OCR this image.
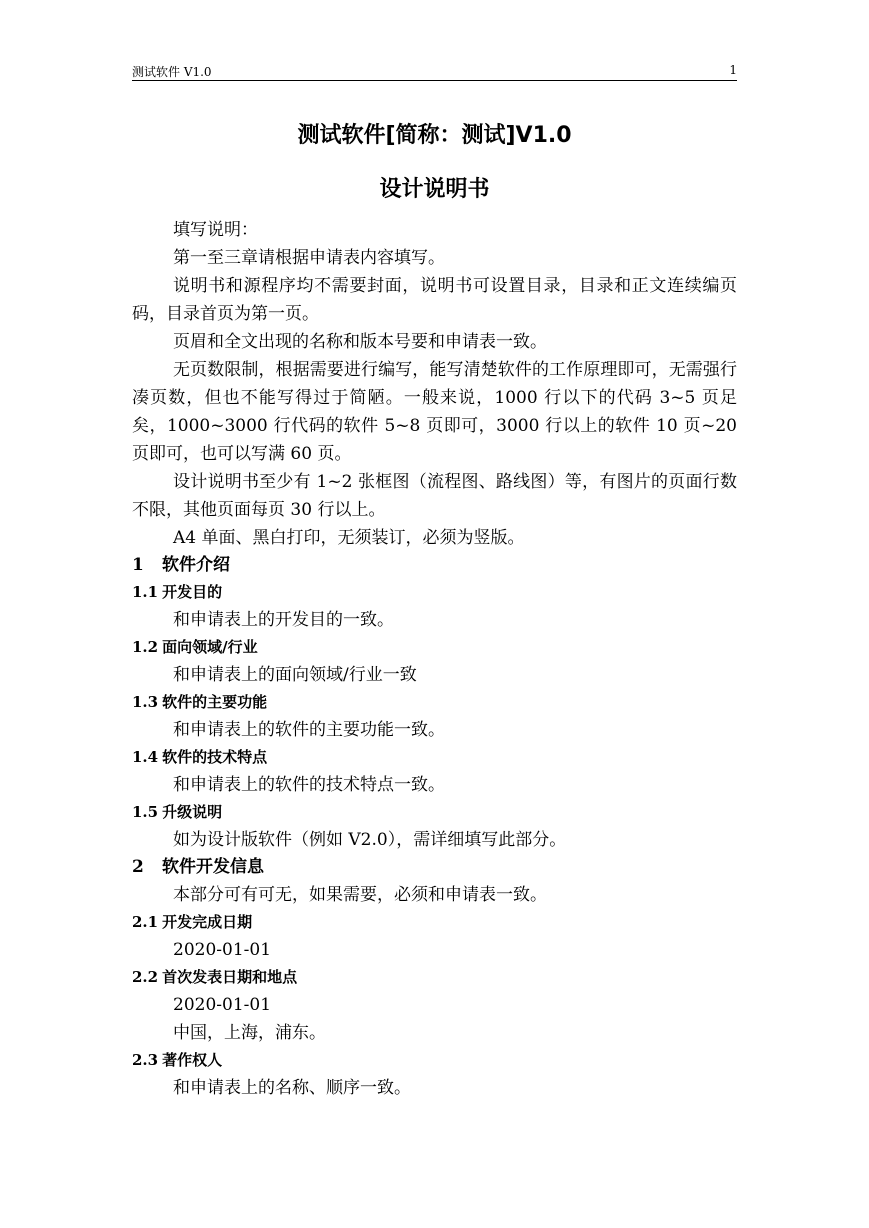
测试软件 V1.0	1
测试软件[简称：测试]V1.0
设计说明书

填写说明：

第一至三章请根据申请表内容填写。

说明书和源程序均不需要封面，说明书可设置目录，目录和正文连续编页码，目录首页为第一页。

页眉和全文出现的名称和版本号要和申请表一致。

无页数限制，根据需要进行编写，能写清楚软件的工作原理即可，无需强行凑页数，但也不能写得过于简陋。一般来说，1000 行以下的代码 3~5 页足矣，1000~3000 行代码的软件 5~8 页即可，3000 行以上的软件 10 页~20 页即可，也可以写满 60 页。

设计说明书至少有 1~2 张框图（流程图、路线图）等，有图片的页面行数不限，其他页面每页 30 行以上。

A4 单面、黑白打印，无须装订，必须为竖版。

1 软件介绍
1.1 开发目的

和申请表上的开发目的一致。

1.2 面向领域/行业

和申请表上的面向领域/行业一致

1.3 软件的主要功能

和申请表上的软件的主要功能一致。

1.4 软件的技术特点

和申请表上的软件的技术特点一致。

1.5 升级说明

如为设计版软件（例如 V2.0），需详细填写此部分。

2 软件开发信息

本部分可有可无，如果需要，必须和申请表一致。

2.1 开发完成日期

2020-01-01

2.2 首次发表日期和地点

2020-01-01

中国，上海，浦东。

2.3 著作权人

和申请表上的名称、顺序一致。
